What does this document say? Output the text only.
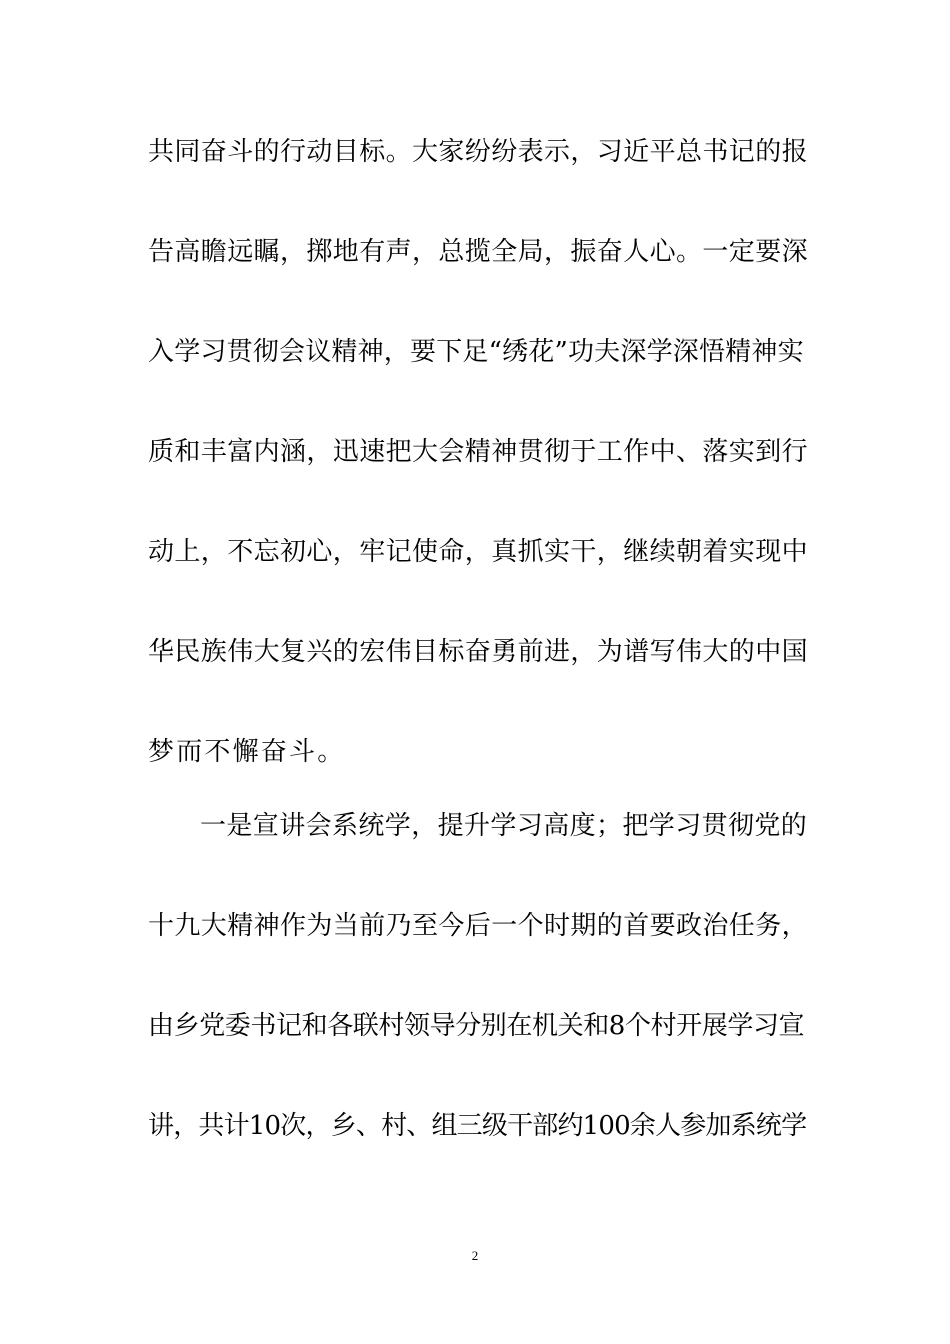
共同奋斗的行动目标。大家纷纷表示，习近平总书记的报
告高瞻远瞩，掷地有声，总揽全局，振奋人心。一定要深
入学习贯彻会议精神，要下足“绣花”功夫深学深悟精神实
质和丰富内涵，迅速把大会精神贯彻于工作中、落实到行
动上，不忘初心，牢记使命，真抓实干，继续朝着实现中
华民族伟大复兴的宏伟目标奋勇前进，为谱写伟大的中国
梦而不懈奋斗。
一是宣讲会系统学，提升学习高度；把学习贯彻党的
十九大精神作为当前乃至今后一个时期的首要政治任务，
由乡党委书记和各联村领导分别在机关和8个村开展学习宣
讲，共计10次，乡、村、组三级干部约100余人参加系统学
2
